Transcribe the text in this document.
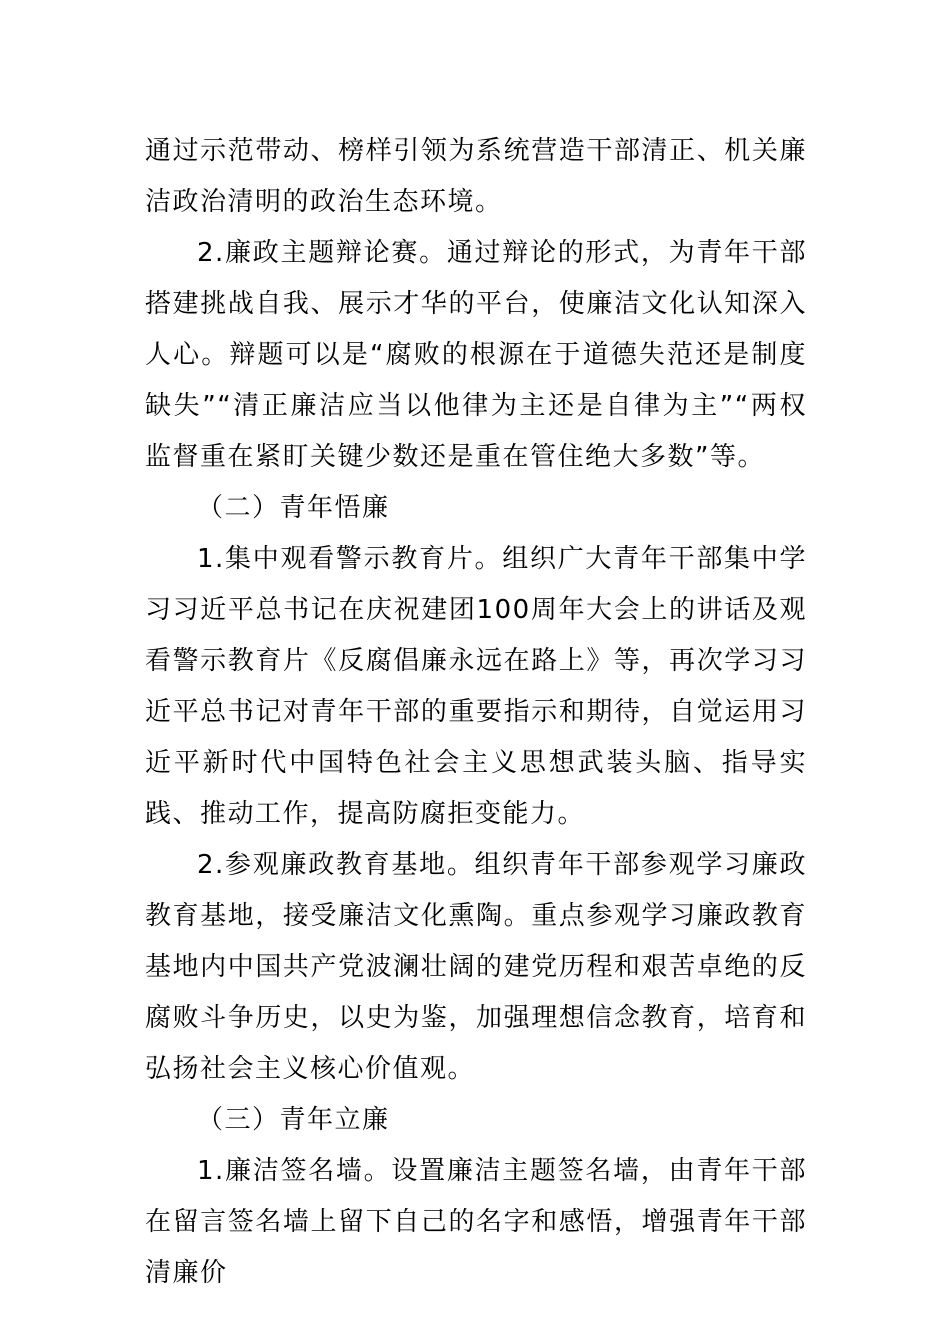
通过示范带动、榜样引领为系统营造干部清正、机关廉洁政治清明的政治生态环境。

2.廉政主题辩论赛。通过辩论的形式，为青年干部搭建挑战自我、展示才华的平台，使廉洁文化认知深入人心。辩题可以是“腐败的根源在于道德失范还是制度缺失”“清正廉洁应当以他律为主还是自律为主”“两权监督重在紧盯关键少数还是重在管住绝大多数”等。

（二）青年悟廉

1.集中观看警示教育片。组织广大青年干部集中学习习近平总书记在庆祝建团100周年大会上的讲话及观看警示教育片《反腐倡廉永远在路上》等，再次学习习近平总书记对青年干部的重要指示和期待，自觉运用习近平新时代中国特色社会主义思想武装头脑、指导实践、推动工作，提高防腐拒变能力。

2.参观廉政教育基地。组织青年干部参观学习廉政教育基地，接受廉洁文化熏陶。重点参观学习廉政教育基地内中国共产党波澜壮阔的建党历程和艰苦卓绝的反腐败斗争历史，以史为鉴，加强理想信念教育，培育和弘扬社会主义核心价值观。

（三）青年立廉

1.廉洁签名墙。设置廉洁主题签名墙，由青年干部在留言签名墙上留下自己的名字和感悟，增强青年干部清廉价
